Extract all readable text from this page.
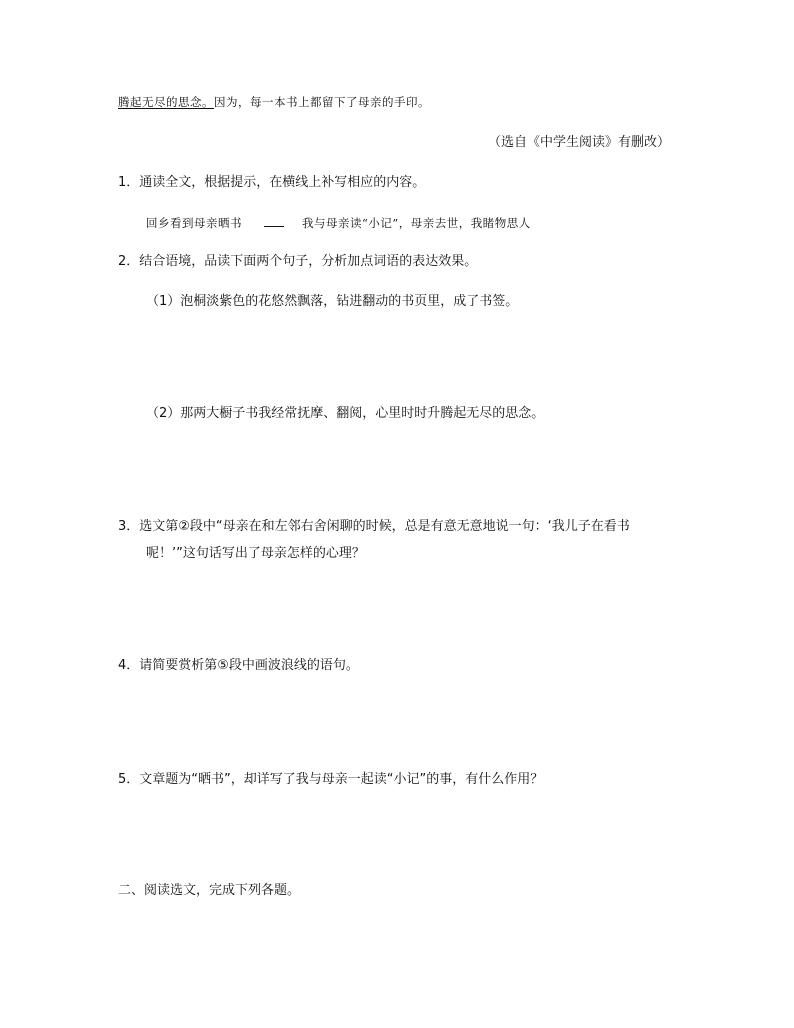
腾起无尽的思念。因为，每一本书上都留下了母亲的手印。
（选自《中学生阅读》有删改）
1．通读全文，根据提示，在横线上补写相应的内容。
回乡看到母亲晒书	我与母亲读“小记”，母亲去世，我睹物思人
2．结合语境，品读下面两个句子，分析加点词语的表达效果。
（1）泡桐淡紫色的花悠然飘落，钻进翻动的书页里，成了书签。
（2）那两大橱子书我经常抚摩、翻阅，心里时时升腾起无尽的思念。
3．选文第②段中“母亲在和左邻右舍闲聊的时候，总是有意无意地说一句：‘我儿子在看书
呢！’”这句话写出了母亲怎样的心理？
4．请简要赏析第⑤段中画波浪线的语句。
5．文章题为“晒书”，却详写了我与母亲一起读“小记”的事，有什么作用？
二、阅读选文，完成下列各题。
